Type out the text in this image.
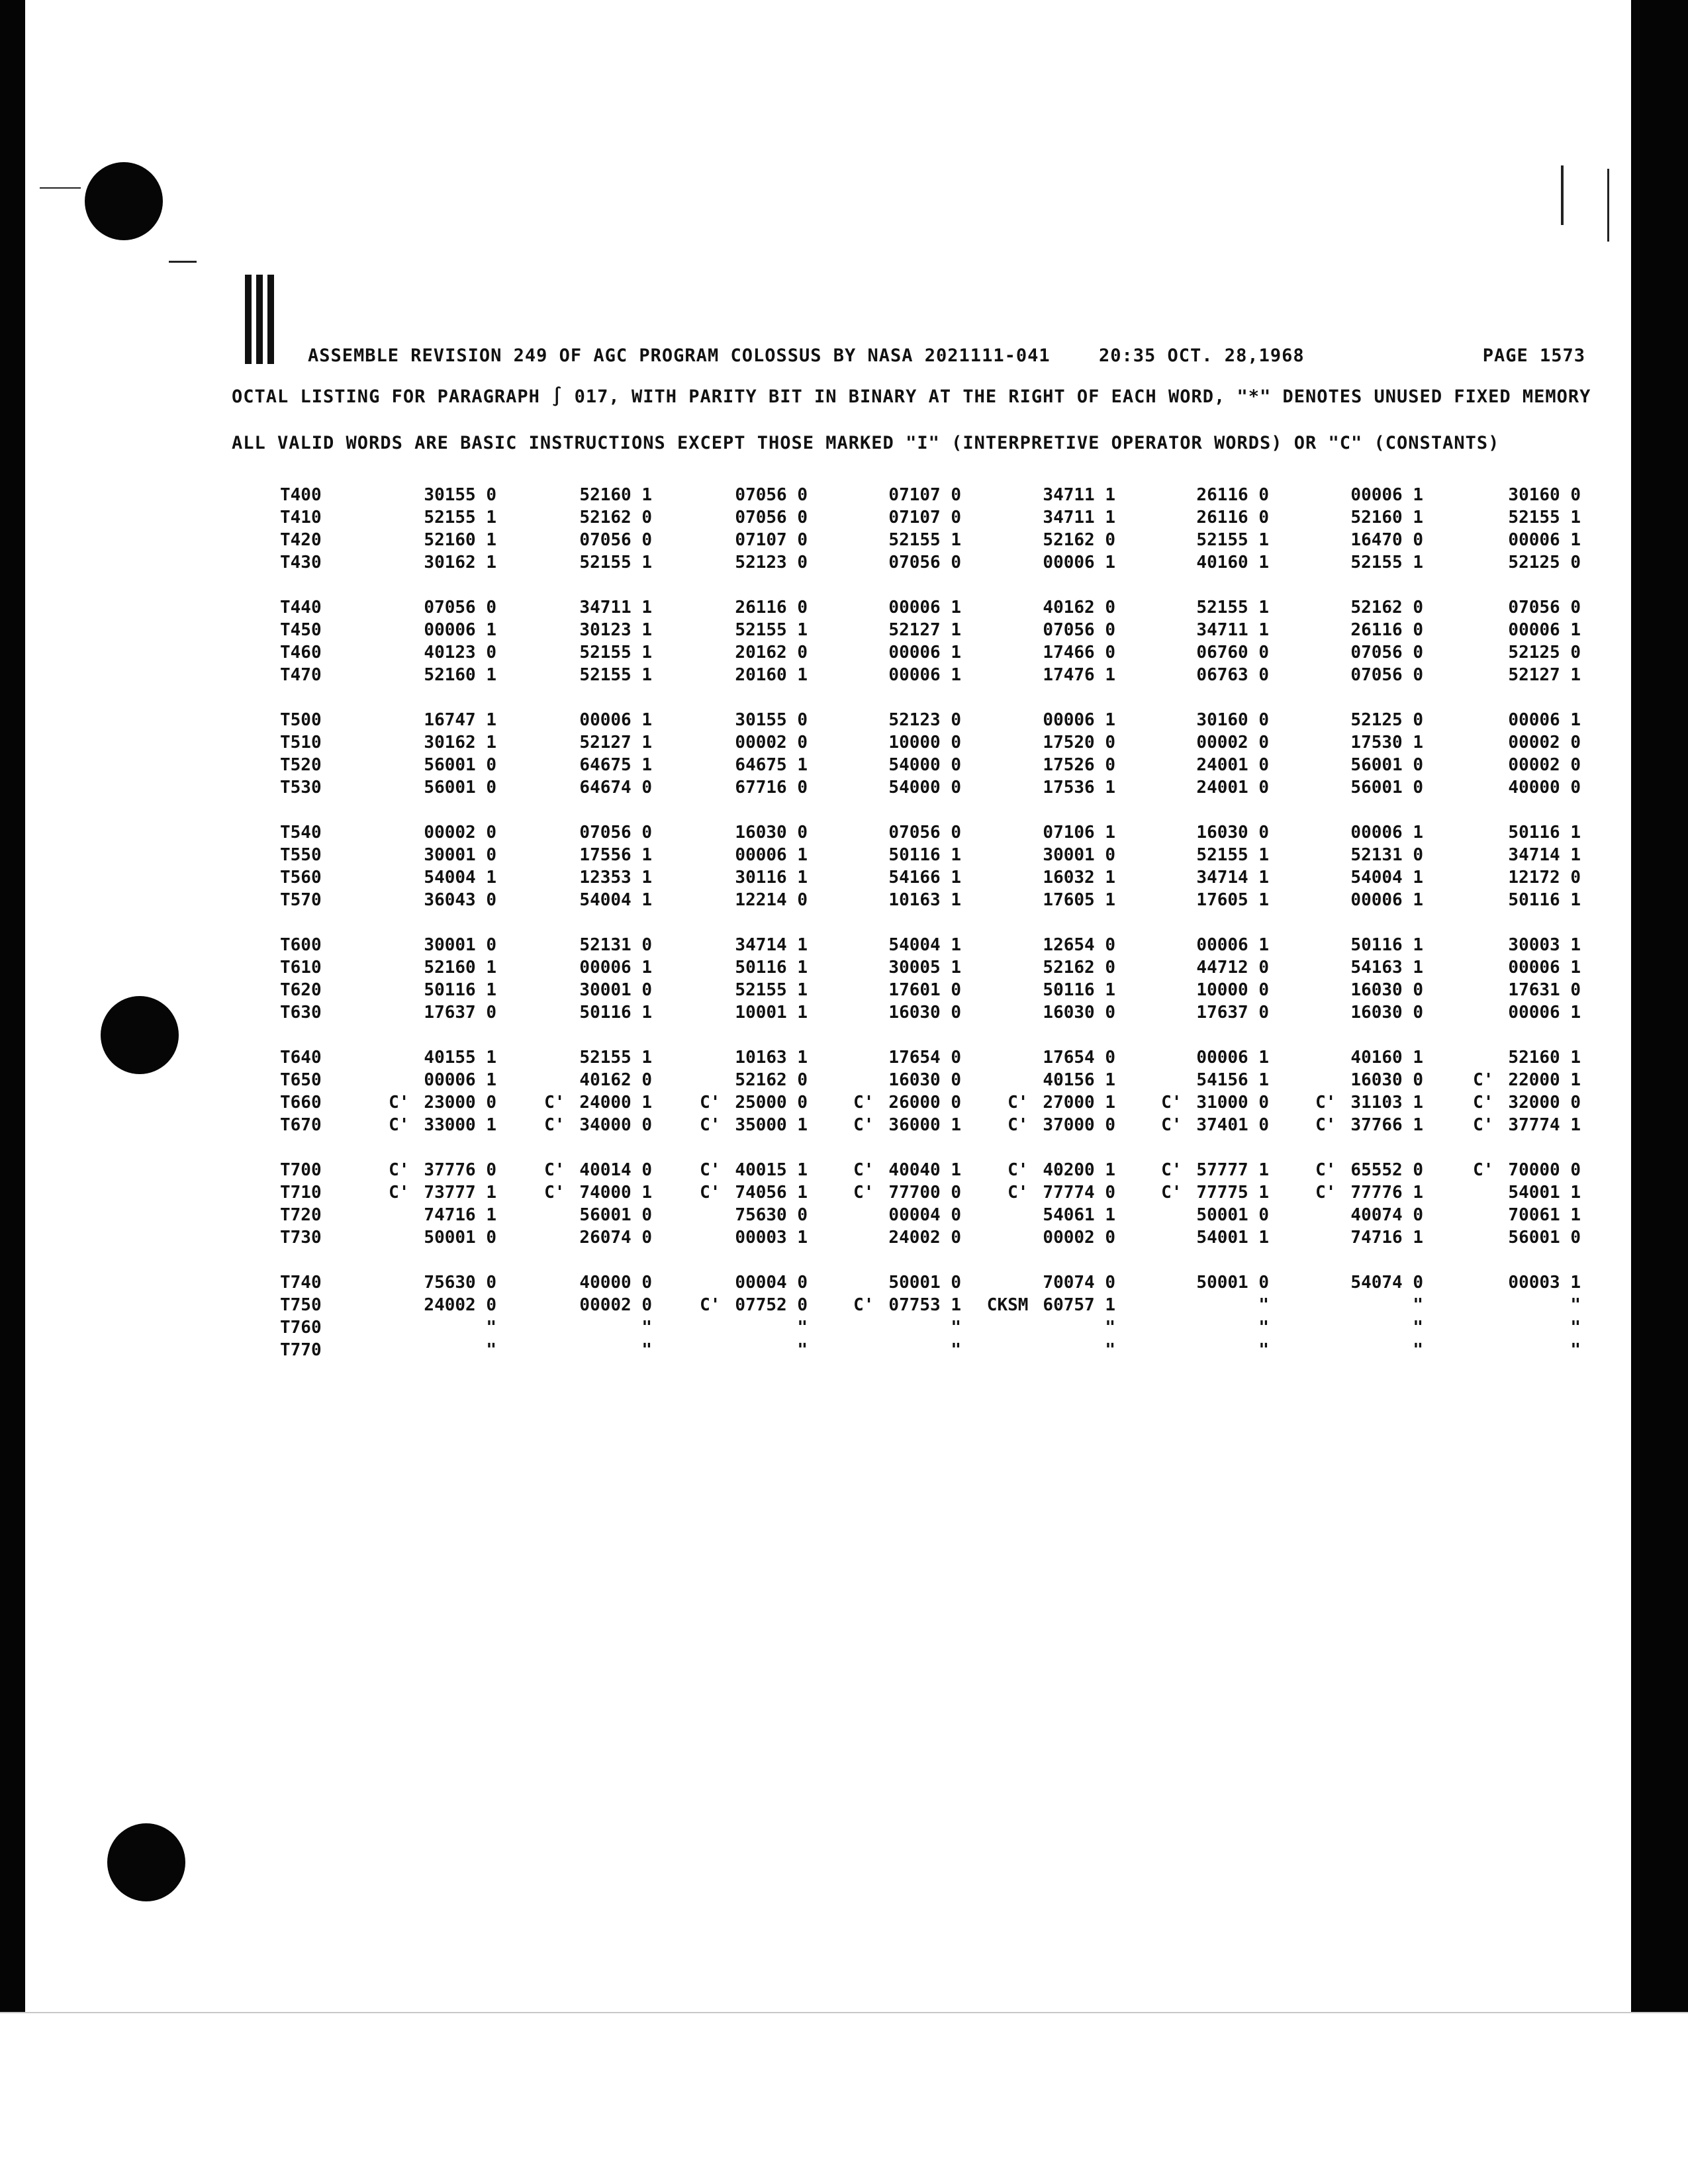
ASSEMBLE REVISION 249 OF AGC PROGRAM COLOSSUS BY NASA 2021111-041	20:35 OCT. 28,1968	PAGE 1573
OCTAL LISTING FOR PARAGRAPH ∫ 017, WITH PARITY BIT IN BINARY AT THE RIGHT OF EACH WORD, "*" DENOTES UNUSED FIXED MEMORY
ALL VALID WORDS ARE BASIC INSTRUCTIONS EXCEPT THOSE MARKED "I" (INTERPRETIVE OPERATOR WORDS) OR "C" (CONSTANTS)
T400	30155 0	52160 1	07056 0	07107 0	34711 1	26116 0	00006 1	30160 0
T410	52155 1	52162 0	07056 0	07107 0	34711 1	26116 0	52160 1	52155 1
T420	52160 1	07056 0	07107 0	52155 1	52162 0	52155 1	16470 0	00006 1
T430	30162 1	52155 1	52123 0	07056 0	00006 1	40160 1	52155 1	52125 0
T440	07056 0	34711 1	26116 0	00006 1	40162 0	52155 1	52162 0	07056 0
T450	00006 1	30123 1	52155 1	52127 1	07056 0	34711 1	26116 0	00006 1
T460	40123 0	52155 1	20162 0	00006 1	17466 0	06760 0	07056 0	52125 0
T470	52160 1	52155 1	20160 1	00006 1	17476 1	06763 0	07056 0	52127 1
T500	16747 1	00006 1	30155 0	52123 0	00006 1	30160 0	52125 0	00006 1
T510	30162 1	52127 1	00002 0	10000 0	17520 0	00002 0	17530 1	00002 0
T520	56001 0	64675 1	64675 1	54000 0	17526 0	24001 0	56001 0	00002 0
T530	56001 0	64674 0	67716 0	54000 0	17536 1	24001 0	56001 0	40000 0
T540	00002 0	07056 0	16030 0	07056 0	07106 1	16030 0	00006 1	50116 1
T550	30001 0	17556 1	00006 1	50116 1	30001 0	52155 1	52131 0	34714 1
T560	54004 1	12353 1	30116 1	54166 1	16032 1	34714 1	54004 1	12172 0
T570	36043 0	54004 1	12214 0	10163 1	17605 1	17605 1	00006 1	50116 1
T600	30001 0	52131 0	34714 1	54004 1	12654 0	00006 1	50116 1	30003 1
T610	52160 1	00006 1	50116 1	30005 1	52162 0	44712 0	54163 1	00006 1
T620	50116 1	30001 0	52155 1	17601 0	50116 1	10000 0	16030 0	17631 0
T630	17637 0	50116 1	10001 1	16030 0	16030 0	17637 0	16030 0	00006 1
T640	40155 1	52155 1	10163 1	17654 0	17654 0	00006 1	40160 1	52160 1
T650	00006 1	40162 0	52162 0	16030 0	40156 1	54156 1	16030 0	C' 22000 1
T660	C' 23000 0	C' 24000 1	C' 25000 0	C' 26000 0	C' 27000 1	C' 31000 0	C' 31103 1	C' 32000 0
T670	C' 33000 1	C' 34000 0	C' 35000 1	C' 36000 1	C' 37000 0	C' 37401 0	C' 37766 1	C' 37774 1
T700	C' 37776 0	C' 40014 0	C' 40015 1	C' 40040 1	C' 40200 1	C' 57777 1	C' 65552 0	C' 70000 0
T710	C' 73777 1	C' 74000 1	C' 74056 1	C' 77700 0	C' 77774 0	C' 77775 1	C' 77776 1	54001 1
T720	74716 1	56001 0	75630 0	00004 0	54061 1	50001 0	40074 0	70061 1
T730	50001 0	26074 0	00003 1	24002 0	00002 0	54001 1	74716 1	56001 0
T740	75630 0	40000 0	00004 0	50001 0	70074 0	50001 0	54074 0	00003 1
T750	24002 0	00002 0	C' 07752 0	C' 07753 1	CKSM 60757 1	"	"	"
T760	"	"	"	"	"	"	"	"
T770	"	"	"	"	"	"	"	"
